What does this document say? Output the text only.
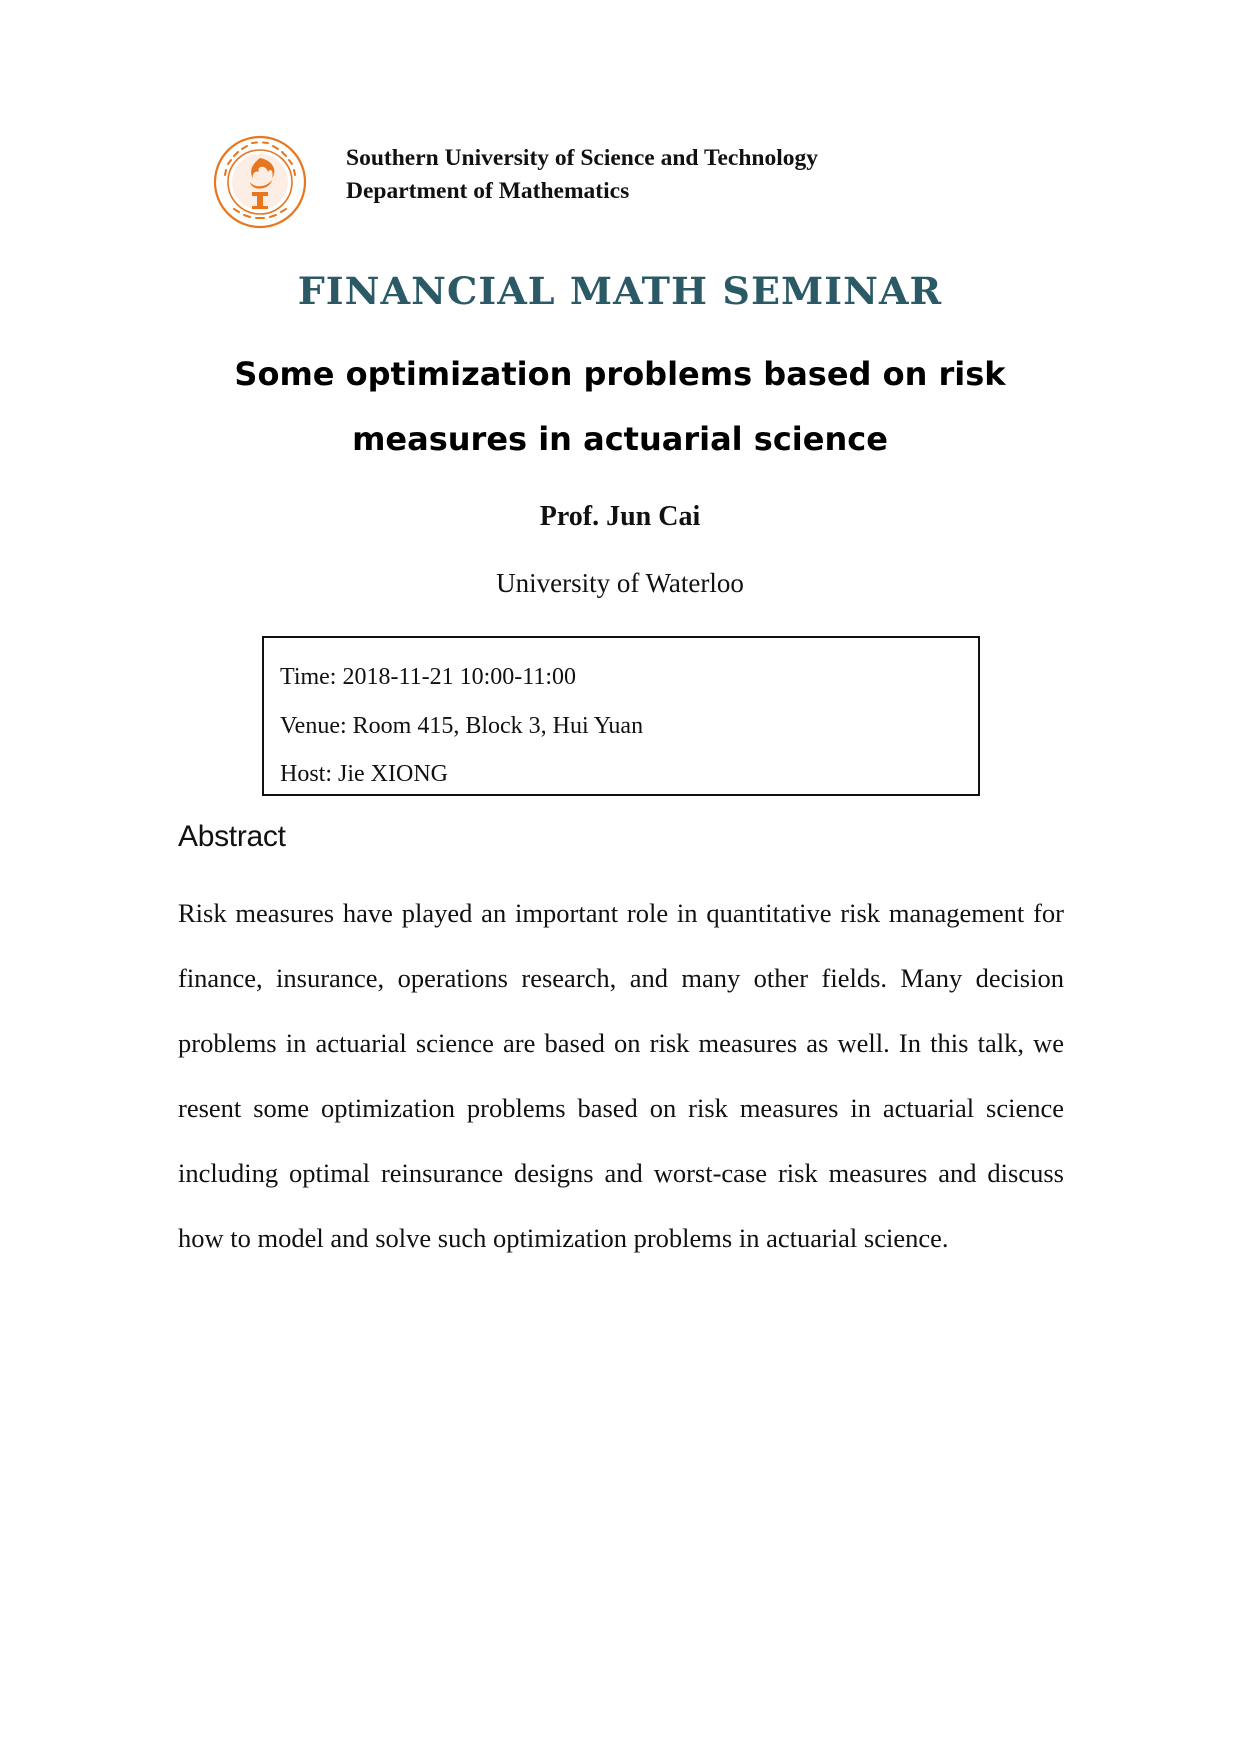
Southern University of Science and Technology
Department of Mathematics
FINANCIAL MATH SEMINAR
Some optimization problems based on risk
measures in actuarial science
Prof. Jun Cai
University of Waterloo
Time: 2018-11-21 10:00-11:00
Venue: Room 415, Block 3, Hui Yuan
Host: Jie XIONG
Abstract
Risk measures have played an important role in quantitative risk management for finance, insurance, operations research, and many other fields. Many decision problems in actuarial science are based on risk measures as well. In this talk, we resent some optimization problems based on risk measures in actuarial science including optimal reinsurance designs and worst-case risk measures and discuss how to model and solve such optimization problems in actuarial science.
